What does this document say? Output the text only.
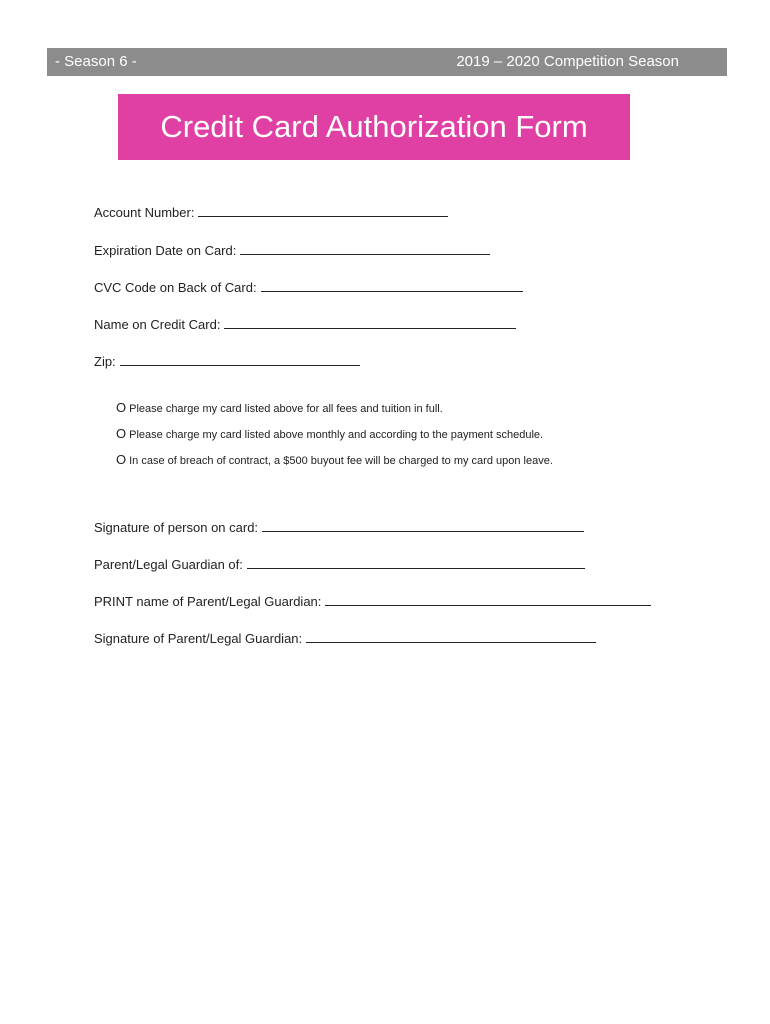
- Season 6 -	2019 – 2020 Competition Season
Credit Card Authorization Form
Account Number:
Expiration Date on Card:
CVC Code on Back of Card:
Name on Credit Card:
Zip:
O Please charge my card listed above for all fees and tuition in full.
O Please charge my card listed above monthly and according to the payment schedule.
O In case of breach of contract, a $500 buyout fee will be charged to my card upon leave.
Signature of person on card:
Parent/Legal Guardian of:
PRINT name of Parent/Legal Guardian:
Signature of Parent/Legal Guardian:
